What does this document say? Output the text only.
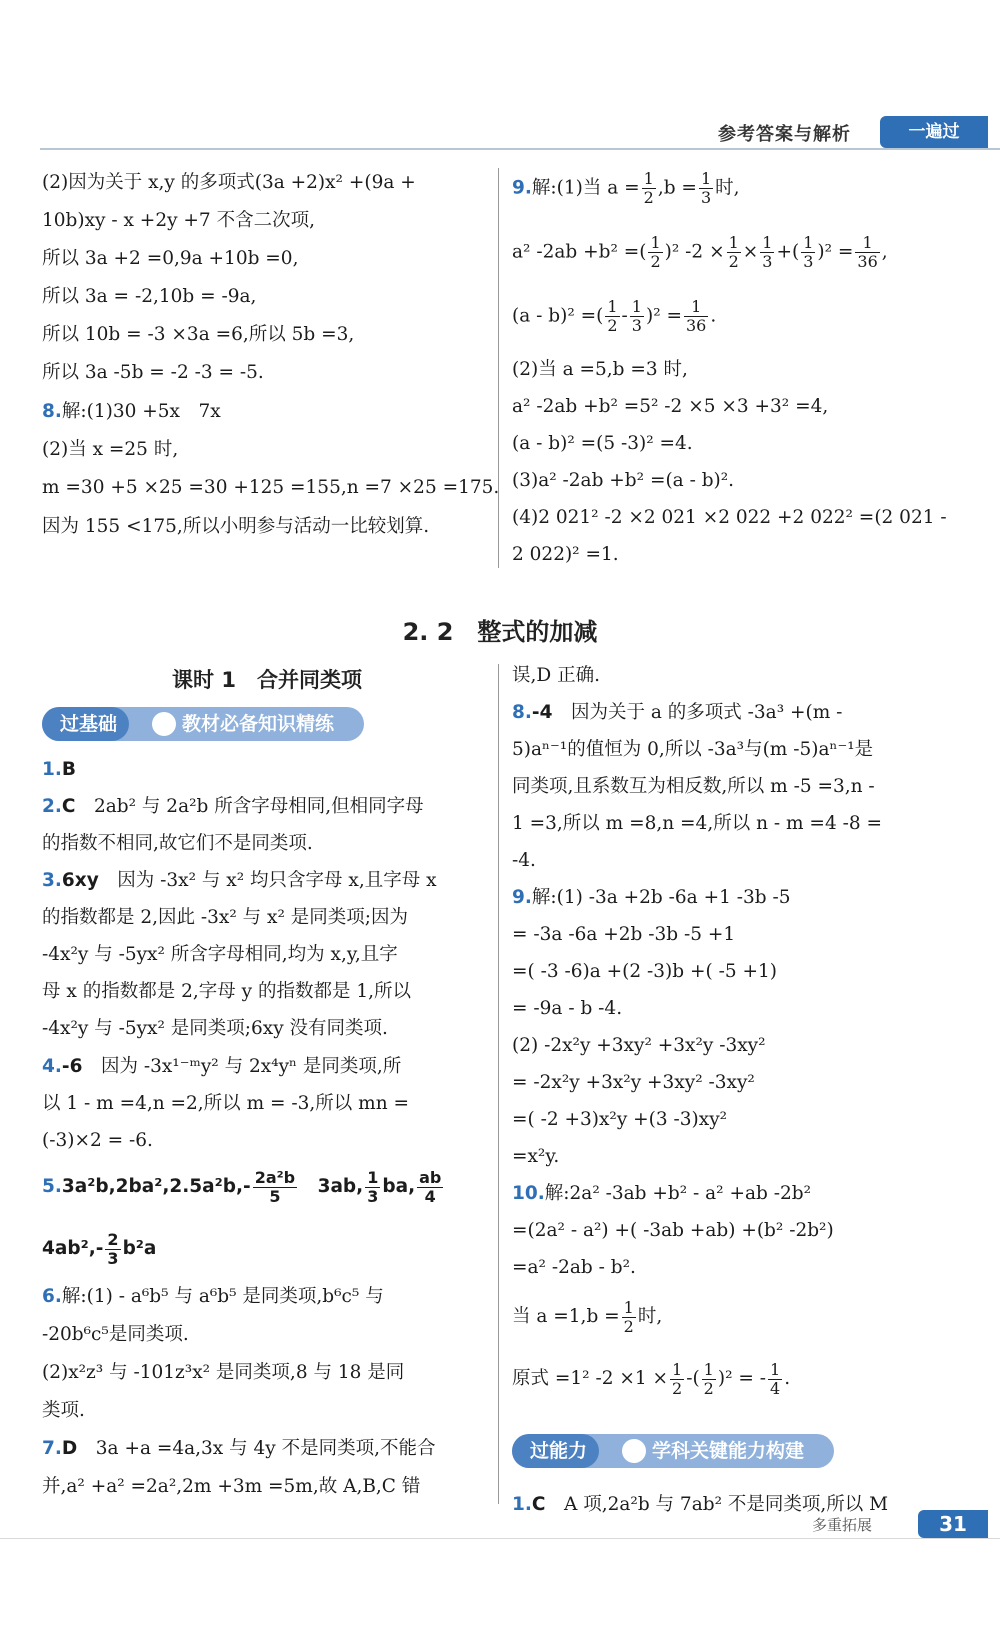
参考答案与解析	一遍过
(2)因为关于 x,y 的多项式(3a +2)x² +(9a +
10b)xy - x +2y +7 不含二次项,
所以 3a +2 =0,9a +10b =0,
所以 3a = -2,10b = -9a,
所以 10b = -3 ×3a =6,所以 5b =3,
所以 3a -5b = -2 -3 = -5.
8.解:(1)30 +5x　7x
(2)当 x =25 时,
m =30 +5 ×25 =30 +125 =155,n =7 ×25 =175.
因为 155 <175,所以小明参与活动一比较划算.
9.解:(1)当 $a = \frac{1}{2} ,b = \frac{1}{3}$ 时,
a² -2ab +b² =( $\frac{1}{2} )^2$ $-2 \times \frac{1}{2} \times \frac{1}{3}$ +( $\frac{1}{3} )^2 = \frac{1}{36}$ ,
(a - b)² =( $\frac{1}{2} - \frac{1}{3} )^2 = \frac{1}{36}$ .
(2)当 a =5,b =3 时,
a² -2ab +b² =5² -2 ×5 ×3 +3² =4,
(a - b)² =(5 -3)² =4.
(3)a² -2ab +b² =(a - b)².
(4)2 021² -2 ×2 021 ×2 022 +2 022² =(2 021 -
2 022)² =1.
2. 2　整式的加减
课时 1　合并同类项
过基础	教材必备知识精练
1.B
2.C　2ab² 与 2a²b 所含字母相同,但相同字母
的指数不相同,故它们不是同类项.
3.6xy　因为 -3x² 与 x² 均只含字母 x,且字母 x
的指数都是 2,因此 -3x² 与 x² 是同类项;因为
-4x²y 与 -5yx² 所含字母相同,均为 x,y,且字
母 x 的指数都是 2,字母 y 的指数都是 1,所以
-4x²y 与 -5yx² 是同类项;6xy 没有同类项.
4.-6　因为 -3x¹⁻ᵐy² 与 2x⁴yⁿ 是同类项,所
以 1 - m =4,n =2,所以 m = -3,所以 mn =
(-3)×2 = -6.
$5.3a^2b,2ba^2,2.5a^2b,- \frac{\text{2a²b}}{5}$ 　3ab, $\frac{1}{3}$ ba, $\frac{ab}{4}$
$4ab^2,- \frac{2}{3} b^2a$
6.解:(1) - a⁶b⁵ 与 a⁶b⁵ 是同类项,b⁶c⁵ 与
-20b⁶c⁵是同类项.
(2)x²z³ 与 -101z³x² 是同类项,8 与 18 是同
类项.
7.D　3a +a =4a,3x 与 4y 不是同类项,不能合
并,a² +a² =2a²,2m +3m =5m,故 A,B,C 错
误,D 正确.
8.-4　因为关于 a 的多项式 -3a³ +(m -
5)aⁿ⁻¹的值恒为 0,所以 -3a³与(m -5)aⁿ⁻¹是
同类项,且系数互为相反数,所以 m -5 =3,n -
1 =3,所以 m =8,n =4,所以 n - m =4 -8 =
-4.
9.解:(1) -3a +2b -6a +1 -3b -5
= -3a -6a +2b -3b -5 +1
=( -3 -6)a +(2 -3)b +( -5 +1)
= -9a - b -4.
(2) -2x²y +3xy² +3x²y -3xy²
= -2x²y +3x²y +3xy² -3xy²
=( -2 +3)x²y +(3 -3)xy²
=x²y.
10.解:2a² -3ab +b² - a² +ab -2b²
=(2a² - a²) +( -3ab +ab) +(b² -2b²)
=a² -2ab - b².
当 $a =1,b = \frac{1}{2}$ 时,
原式 =1² $-2 \times 1 \times \frac{1}{2}$ -( $\frac{1}{2} )^2$ = - $\frac{1}{4}$ .
1.C　A 项,2a²b 与 7ab² 不是同类项,所以 M
过能力	学科关键能力构建
多重拓展	31
